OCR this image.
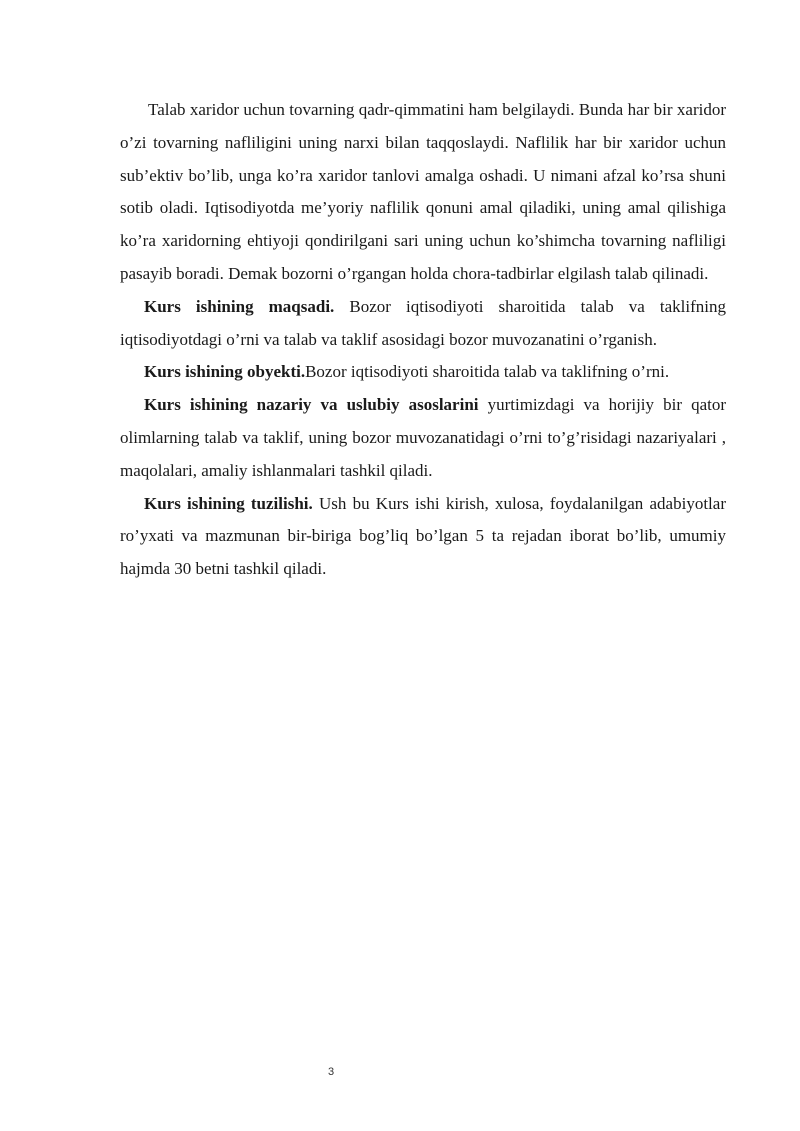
Talab xaridor uchun tovarning qadr-qimmatini ham belgilaydi. Bunda har bir xaridor o’zi tovarning nafliligini uning narxi bilan taqqoslaydi. Naflilik har bir xaridor uchun sub’ektiv bo’lib, unga ko’ra xaridor tanlovi amalga oshadi. U nimani afzal ko’rsa shuni sotib oladi. Iqtisodiyotda me’yoriy naflilik qonuni amal qiladiki, uning amal qilishiga ko’ra xaridorning ehtiyoji qondirilgani sari uning uchun ko’shimcha tovarning nafliligi pasayib boradi. Demak bozorni o’rgangan holda chora-tadbirlar elgilash talab qilinadi.

Kurs ishining maqsadi. Bozor iqtisodiyoti sharoitida talab va taklifning iqtisodiyotdagi o’rni va talab va taklif asosidagi bozor muvozanatini o’rganish.

Kurs ishining obyekti.Bozor iqtisodiyoti sharoitida talab va taklifning o’rni.

Kurs ishining nazariy va uslubiy asoslarini yurtimizdagi va horijiy bir qator olimlarning talab va taklif, uning bozor muvozanatidagi o’rni to’g’risidagi nazariyalari , maqolalari, amaliy ishlanmalari tashkil qiladi.

Kurs ishining tuzilishi. Ush bu Kurs ishi kirish, xulosa, foydalanilgan adabiyotlar ro’yxati va mazmunan bir-biriga bog’liq bo’lgan 5 ta rejadan iborat bo’lib, umumiy hajmda 30 betni tashkil qiladi.

3
